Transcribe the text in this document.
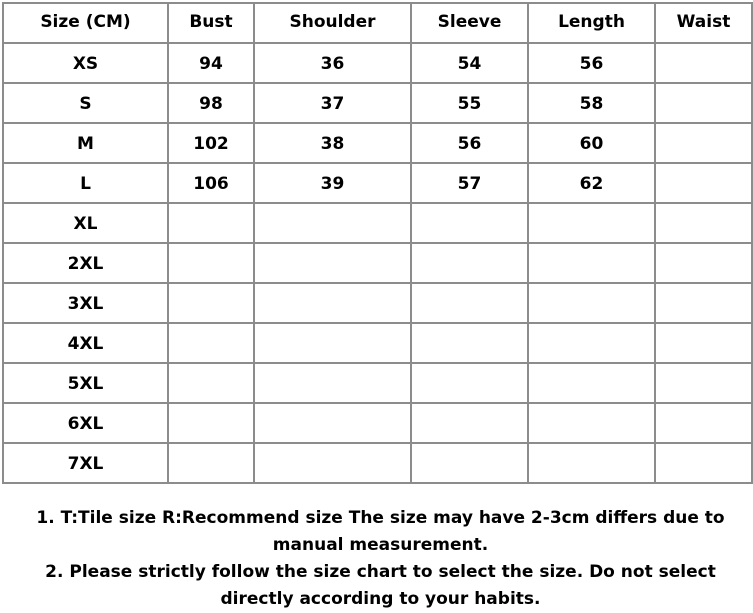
Size (CM)	Bust	Shoulder	Sleeve	Length	Waist
XS	94	36	54	56	
S	98	37	55	58	
M	102	38	56	60	
L	106	39	57	62	
XL					
2XL					
3XL					
4XL					
5XL					
6XL					
7XL					

1. T:Tile size R:Recommend size The size may have 2-3cm differs due to manual measurement.

2. Please strictly follow the size chart to select the size. Do not select directly according to your habits.
